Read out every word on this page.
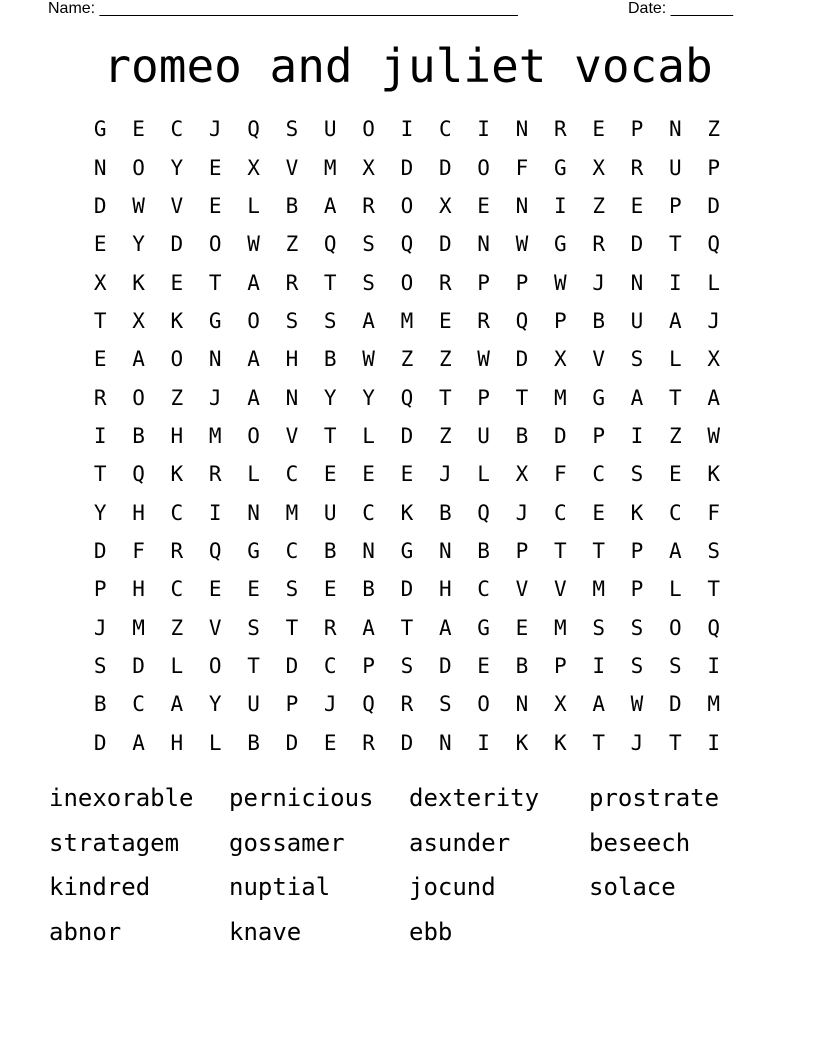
Name: _______________________________________________	Date: _______
romeo and juliet vocab
G	E	C	J	Q	S	U	O	I	C	I	N	R	E	P	N	Z
N	O	Y	E	X	V	M	X	D	D	O	F	G	X	R	U	P
D	W	V	E	L	B	A	R	O	X	E	N	I	Z	E	P	D
E	Y	D	O	W	Z	Q	S	Q	D	N	W	G	R	D	T	Q
X	K	E	T	A	R	T	S	O	R	P	P	W	J	N	I	L
T	X	K	G	O	S	S	A	M	E	R	Q	P	B	U	A	J
E	A	O	N	A	H	B	W	Z	Z	W	D	X	V	S	L	X
R	O	Z	J	A	N	Y	Y	Q	T	P	T	M	G	A	T	A
I	B	H	M	O	V	T	L	D	Z	U	B	D	P	I	Z	W
T	Q	K	R	L	C	E	E	E	J	L	X	F	C	S	E	K
Y	H	C	I	N	M	U	C	K	B	Q	J	C	E	K	C	F
D	F	R	Q	G	C	B	N	G	N	B	P	T	T	P	A	S
P	H	C	E	E	S	E	B	D	H	C	V	V	M	P	L	T
J	M	Z	V	S	T	R	A	T	A	G	E	M	S	S	O	Q
S	D	L	O	T	D	C	P	S	D	E	B	P	I	S	S	I
B	C	A	Y	U	P	J	Q	R	S	O	N	X	A	W	D	M
D	A	H	L	B	D	E	R	D	N	I	K	K	T	J	T	I
inexorable	pernicious	dexterity	prostrate
stratagem	gossamer	asunder	beseech
kindred	nuptial	jocund	solace
abnor	knave	ebb
